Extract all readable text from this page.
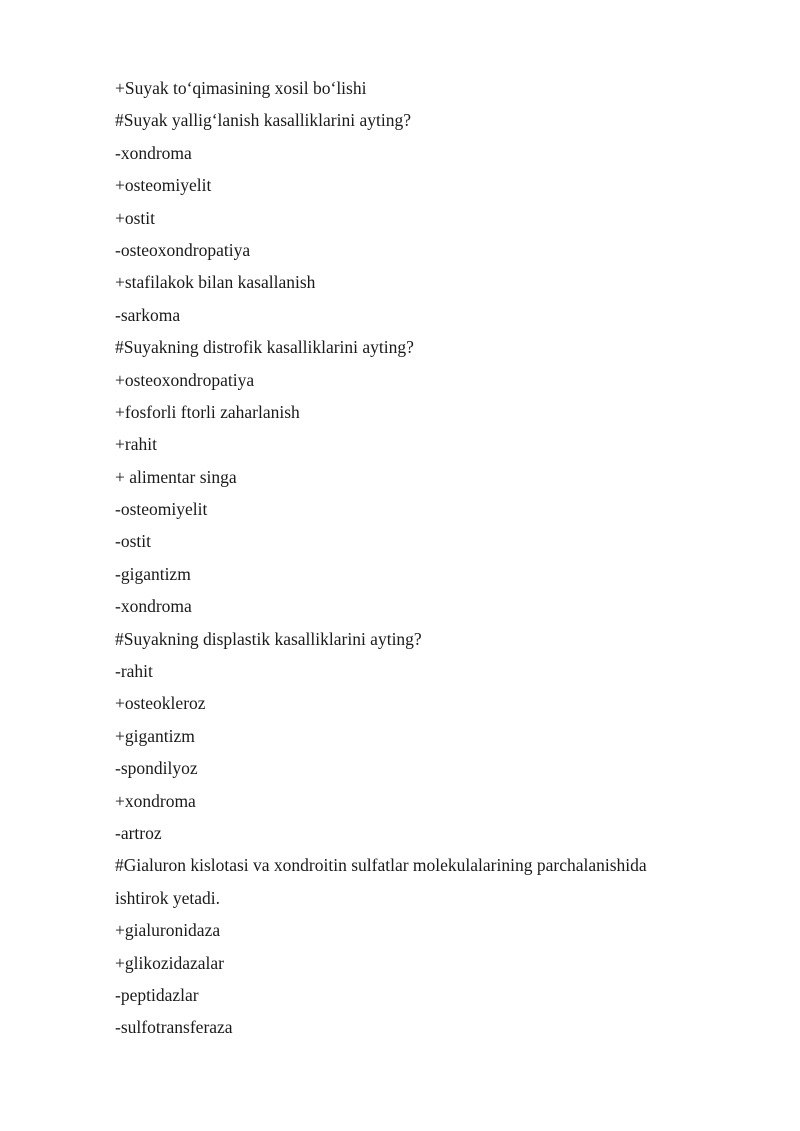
+Suyak to‘qimasining xosil bo‘lishi
#Suyak yallig‘lanish kasalliklarini ayting?
-xondroma
+osteomiyelit
+ostit
-osteoxondropatiya
+stafilakok bilan kasallanish
-sarkoma
#Suyakning distrofik kasalliklarini ayting?
+osteoxondropatiya
+fosforli ftorli zaharlanish
+rahit
+ alimentar singa
-osteomiyelit
-ostit
-gigantizm
-xondroma
#Suyakning displastik kasalliklarini ayting?
-rahit
+osteokleroz
+gigantizm
-spondilyoz
+xondroma
-artroz
#Gialuron kislotasi va xondroitin sulfatlar molekulalarining parchalanishida
ishtirok yetadi.
+gialuronidaza
+glikozidazalar
-peptidazlar
-sulfotransferaza
